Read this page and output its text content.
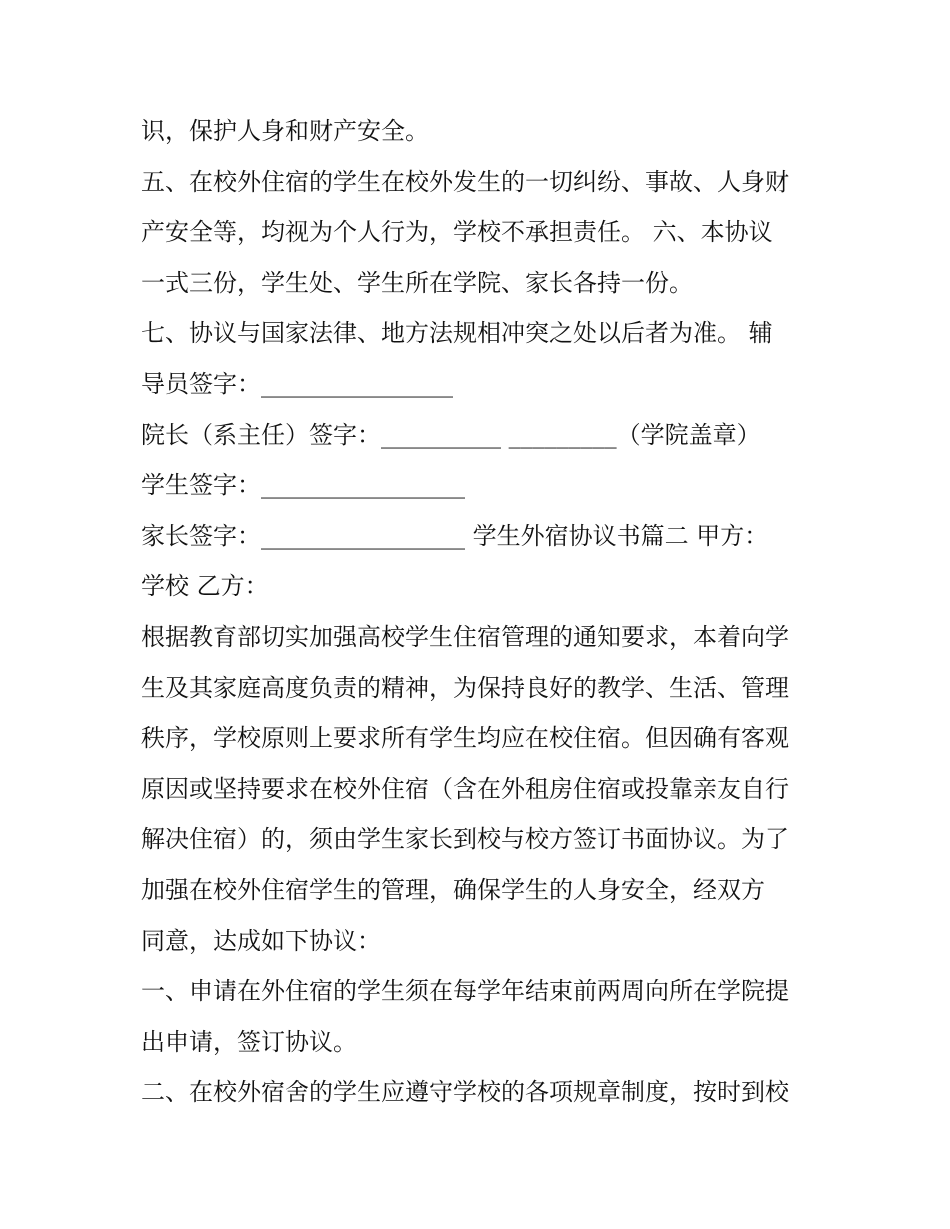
识，保护人身和财产安全。
五、在校外住宿的学生在校外发生的一切纠纷、事故、人身财
产安全等，均视为个人行为，学校不承担责任。 六、本协议
一式三份，学生处、学生所在学院、家长各持一份。
七、协议与国家法律、地方法规相冲突之处以后者为准。 辅
导员签字：________________
院长（系主任）签字：__________ _________（学院盖章）
学生签字：_________________
家长签字：_________________ 学生外宿协议书篇二 甲方：
学校 乙方：
根据教育部切实加强高校学生住宿管理的通知要求，本着向学
生及其家庭高度负责的精神，为保持良好的教学、生活、管理
秩序，学校原则上要求所有学生均应在校住宿。但因确有客观
原因或坚持要求在校外住宿（含在外租房住宿或投靠亲友自行
解决住宿）的，须由学生家长到校与校方签订书面协议。为了
加强在校外住宿学生的管理，确保学生的人身安全，经双方
同意，达成如下协议：
一、申请在外住宿的学生须在每学年结束前两周向所在学院提
出申请，签订协议。
二、在校外宿舍的学生应遵守学校的各项规章制度，按时到校
